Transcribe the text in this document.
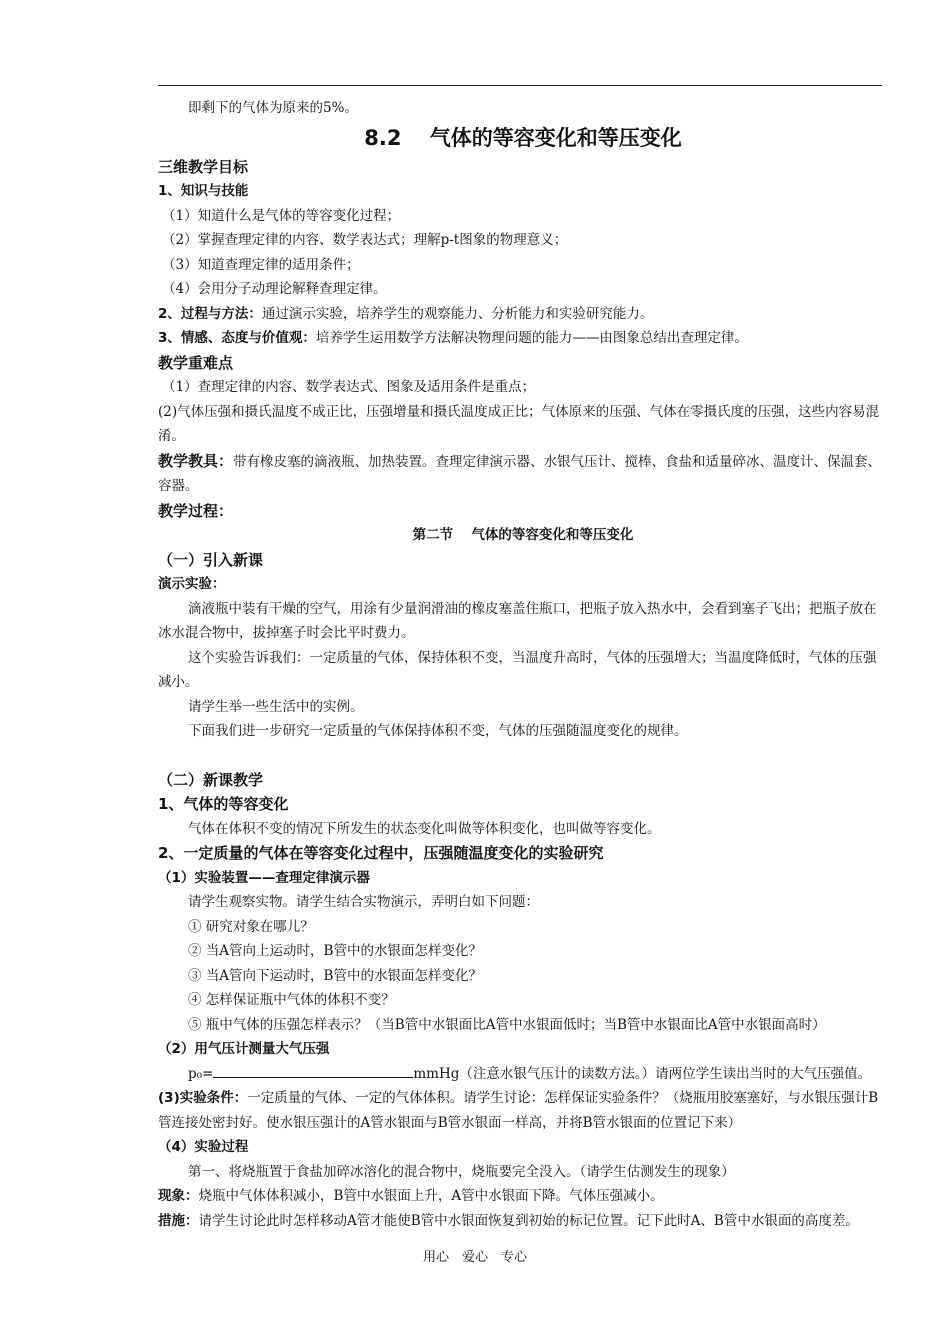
即剩下的气体为原来的5%。

8.2　 气体的等容变化和等压变化

三维教学目标

1、知识与技能

（1）知道什么是气体的等容变化过程；

（2）掌握查理定律的内容、数学表达式；理解p-t图象的物理意义；

（3）知道查理定律的适用条件；

（4）会用分子动理论解释查理定律。

2、过程与方法：通过演示实验，培养学生的观察能力、分析能力和实验研究能力。

3、情感、态度与价值观：培养学生运用数学方法解决物理问题的能力——由图象总结出查理定律。

教学重难点

（1）查理定律的内容、数学表达式、图象及适用条件是重点；

(2)气体压强和摄氏温度不成正比，压强增量和摄氏温度成正比；气体原来的压强、气体在零摄氏度的压强，这些内容易混淆。

教学教具：带有橡皮塞的滴液瓶、加热装置。查理定律演示器、水银气压计、搅棒、食盐和适量碎冰、温度计、保温套、容器。

教学过程：

第二节　 气体的等容变化和等压变化

（一）引入新课

演示实验：

滴液瓶中装有干燥的空气，用涂有少量润滑油的橡皮塞盖住瓶口，把瓶子放入热水中，会看到塞子飞出；把瓶子放在冰水混合物中，拔掉塞子时会比平时费力。

这个实验告诉我们：一定质量的气体，保持体积不变，当温度升高时，气体的压强增大；当温度降低时，气体的压强减小。

请学生举一些生活中的实例。

下面我们进一步研究一定质量的气体保持体积不变，气体的压强随温度变化的规律。

（二）新课教学

1、气体的等容变化

气体在体积不变的情况下所发生的状态变化叫做等体积变化，也叫做等容变化。

2、一定质量的气体在等容变化过程中，压强随温度变化的实验研究

（1）实验装置——查理定律演示器

请学生观察实物。请学生结合实物演示，弄明白如下问题：

① 研究对象在哪儿？

② 当A管向上运动时，B管中的水银面怎样变化？

③ 当A管向下运动时，B管中的水银面怎样变化？

④ 怎样保证瓶中气体的体积不变？

⑤ 瓶中气体的压强怎样表示？（当B管中水银面比A管中水银面低时；当B管中水银面比A管中水银面高时）

（2）用气压计测量大气压强

p₀=	mmHg（注意水银气压计的读数方法。）请两位学生读出当时的大气压强值。

(3)实验条件：一定质量的气体、一定的气体体积。请学生讨论：怎样保证实验条件？（烧瓶用胶塞塞好，与水银压强计B管连接处密封好。使水银压强计的A管水银面与B管水银面一样高，并将B管水银面的位置记下来）

（4）实验过程

第一、将烧瓶置于食盐加碎冰溶化的混合物中，烧瓶要完全没入。（请学生估测发生的现象）

现象：烧瓶中气体体积减小，B管中水银面上升，A管中水银面下降。气体压强减小。

措施：请学生讨论此时怎样移动A管才能使B管中水银面恢复到初始的标记位置。记下此时A、B管中水银面的高度差。

用心　爱心　专心
